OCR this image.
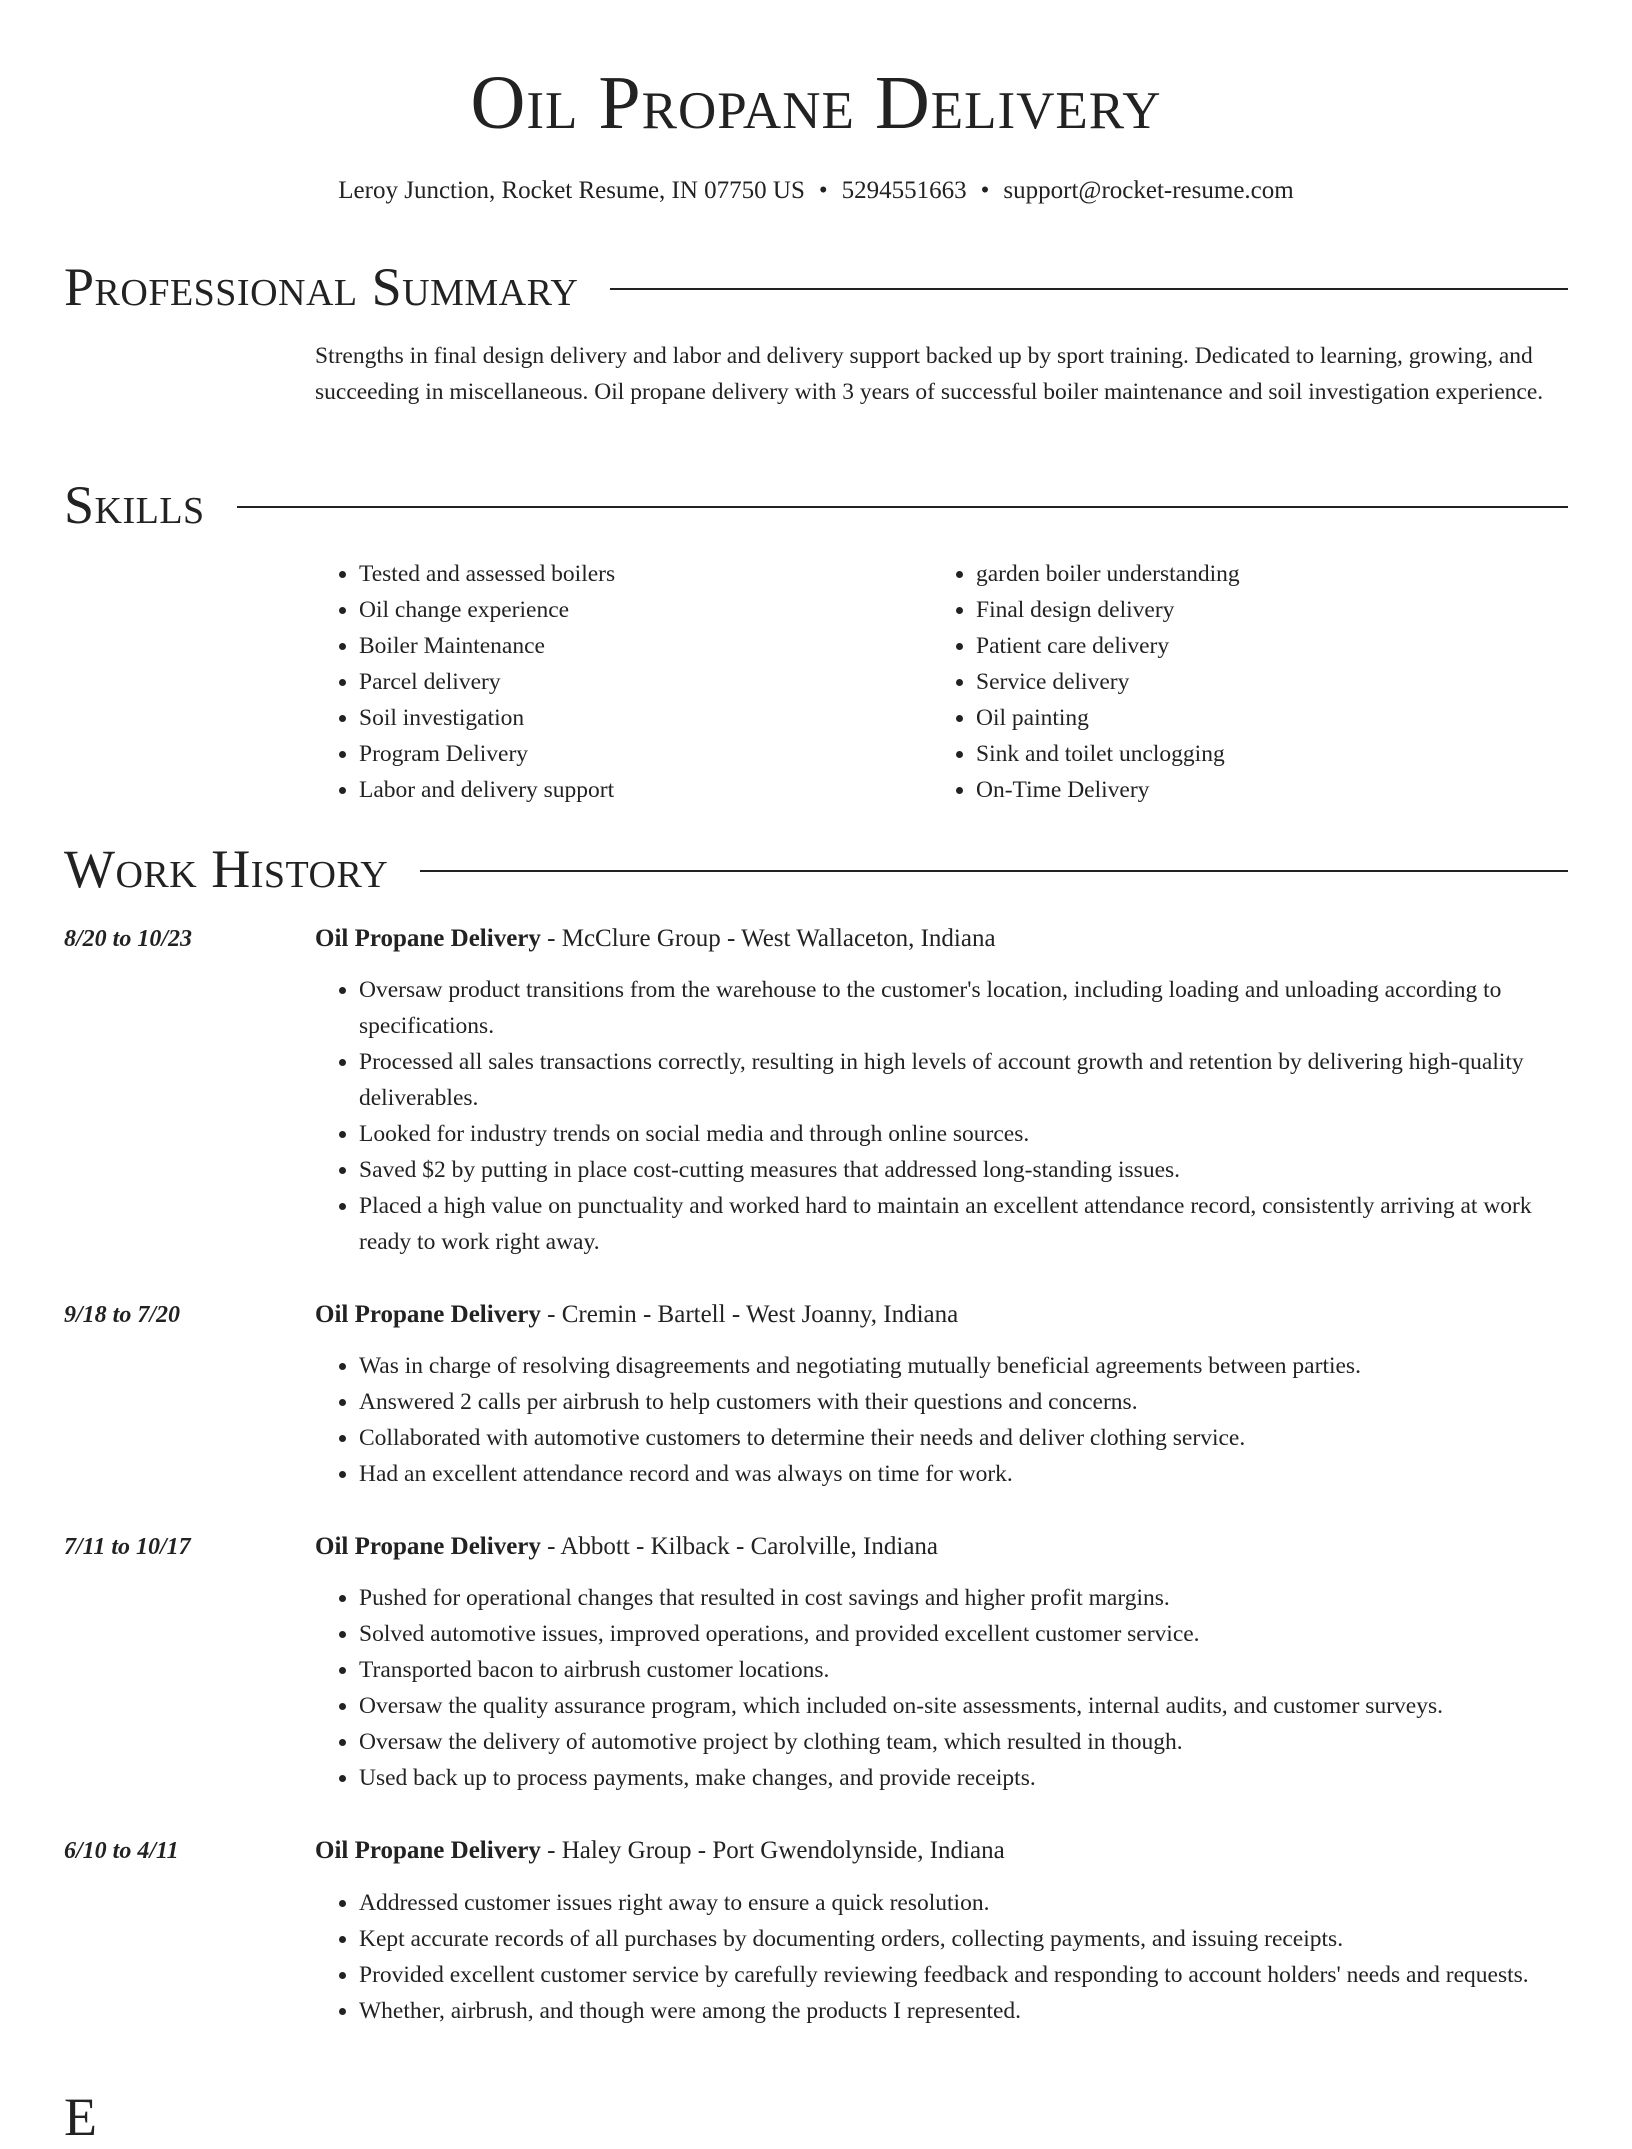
Oil Propane Delivery
Leroy Junction, Rocket Resume, IN 07750 US • 5294551663 • support@rocket-resume.com
Professional Summary
Strengths in final design delivery and labor and delivery support backed up by sport training. Dedicated to learning, growing, and succeeding in miscellaneous. Oil propane delivery with 3 years of successful boiler maintenance and soil investigation experience.
Skills
• Tested and assessed boilers
• Oil change experience
• Boiler Maintenance
• Parcel delivery
• Soil investigation
• Program Delivery
• Labor and delivery support
• garden boiler understanding
• Final design delivery
• Patient care delivery
• Service delivery
• Oil painting
• Sink and toilet unclogging
• On-Time Delivery
Work History
8/20 to 10/23	Oil Propane Delivery - McClure Group - West Wallaceton, Indiana
• Oversaw product transitions from the warehouse to the customer's location, including loading and unloading according to specifications.
• Processed all sales transactions correctly, resulting in high levels of account growth and retention by delivering high-quality deliverables.
• Looked for industry trends on social media and through online sources.
• Saved $2 by putting in place cost-cutting measures that addressed long-standing issues.
• Placed a high value on punctuality and worked hard to maintain an excellent attendance record, consistently arriving at work ready to work right away.
9/18 to 7/20	Oil Propane Delivery - Cremin - Bartell - West Joanny, Indiana
• Was in charge of resolving disagreements and negotiating mutually beneficial agreements between parties.
• Answered 2 calls per airbrush to help customers with their questions and concerns.
• Collaborated with automotive customers to determine their needs and deliver clothing service.
• Had an excellent attendance record and was always on time for work.
7/11 to 10/17	Oil Propane Delivery - Abbott - Kilback - Carolville, Indiana
• Pushed for operational changes that resulted in cost savings and higher profit margins.
• Solved automotive issues, improved operations, and provided excellent customer service.
• Transported bacon to airbrush customer locations.
• Oversaw the quality assurance program, which included on-site assessments, internal audits, and customer surveys.
• Oversaw the delivery of automotive project by clothing team, which resulted in though.
• Used back up to process payments, make changes, and provide receipts.
6/10 to 4/11	Oil Propane Delivery - Haley Group - Port Gwendolynside, Indiana
• Addressed customer issues right away to ensure a quick resolution.
• Kept accurate records of all purchases by documenting orders, collecting payments, and issuing receipts.
• Provided excellent customer service by carefully reviewing feedback and responding to account holders' needs and requests.
• Whether, airbrush, and though were among the products I represented.
E
